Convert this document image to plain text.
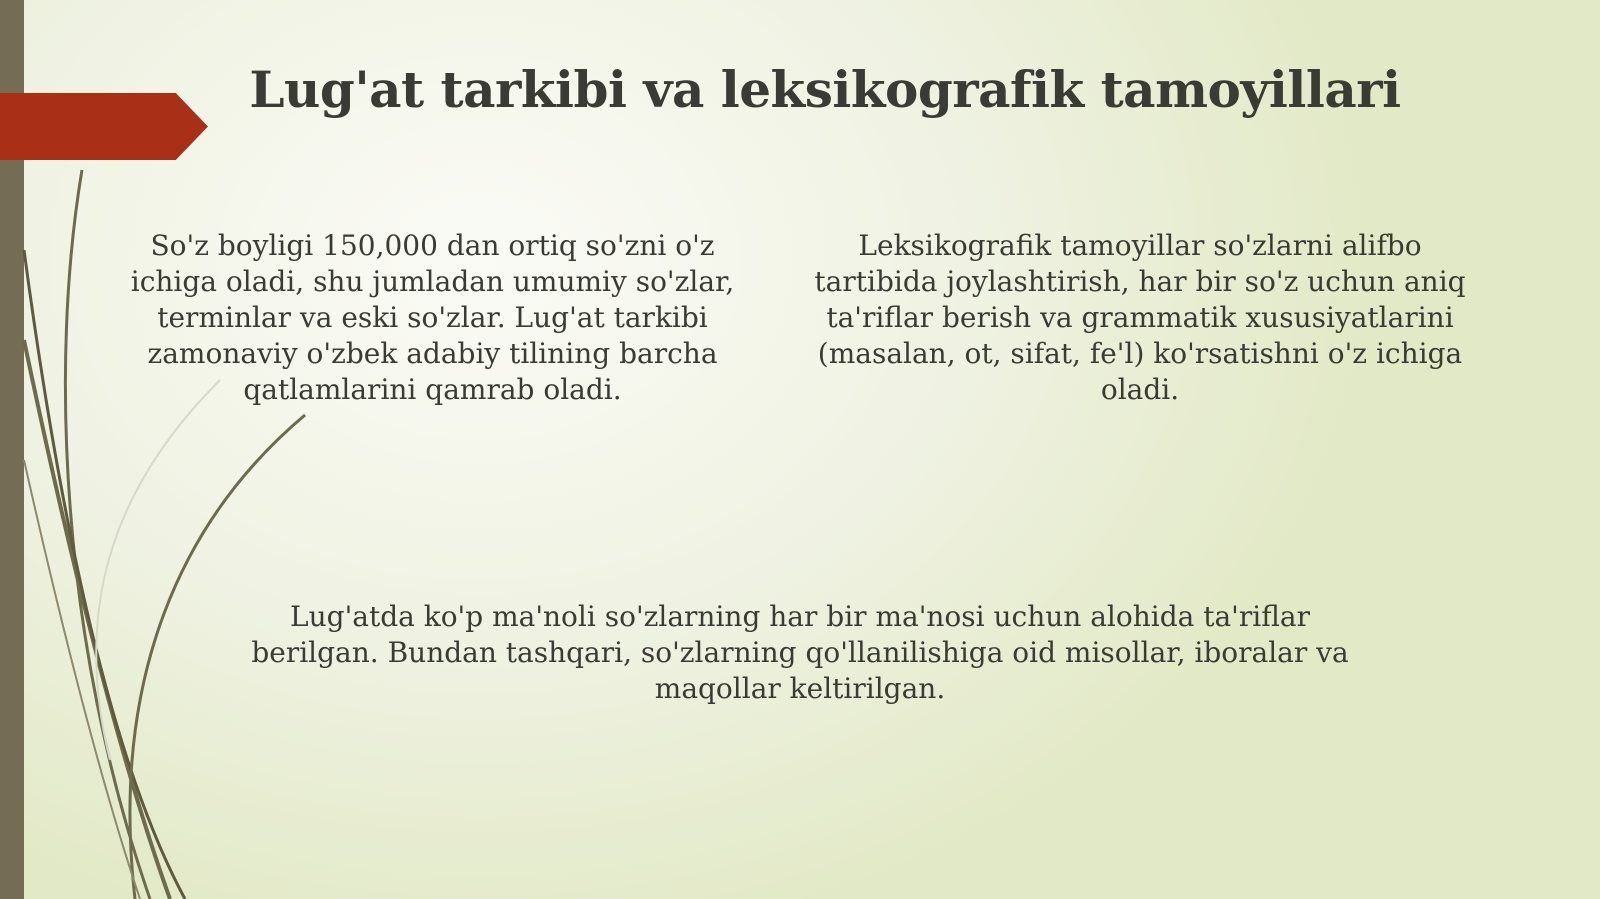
Lug'at tarkibi va leksikografik tamoyillari
So'z boyligi 150,000 dan ortiq so'zni o'z ichiga oladi, shu jumladan umumiy so'zlar, terminlar va eski so'zlar. Lug'at tarkibi zamonaviy o'zbek adabiy tilining barcha qatlamlarini qamrab oladi.
Leksikografik tamoyillar so'zlarni alifbo tartibida joylashtirish, har bir so'z uchun aniq ta'riflar berish va grammatik xususiyatlarini (masalan, ot, sifat, fe'l) ko'rsatishni o'z ichiga oladi.
Lug'atda ko'p ma'noli so'zlarning har bir ma'nosi uchun alohida ta'riflar berilgan. Bundan tashqari, so'zlarning qo'llanilishiga oid misollar, iboralar va maqollar keltirilgan.
